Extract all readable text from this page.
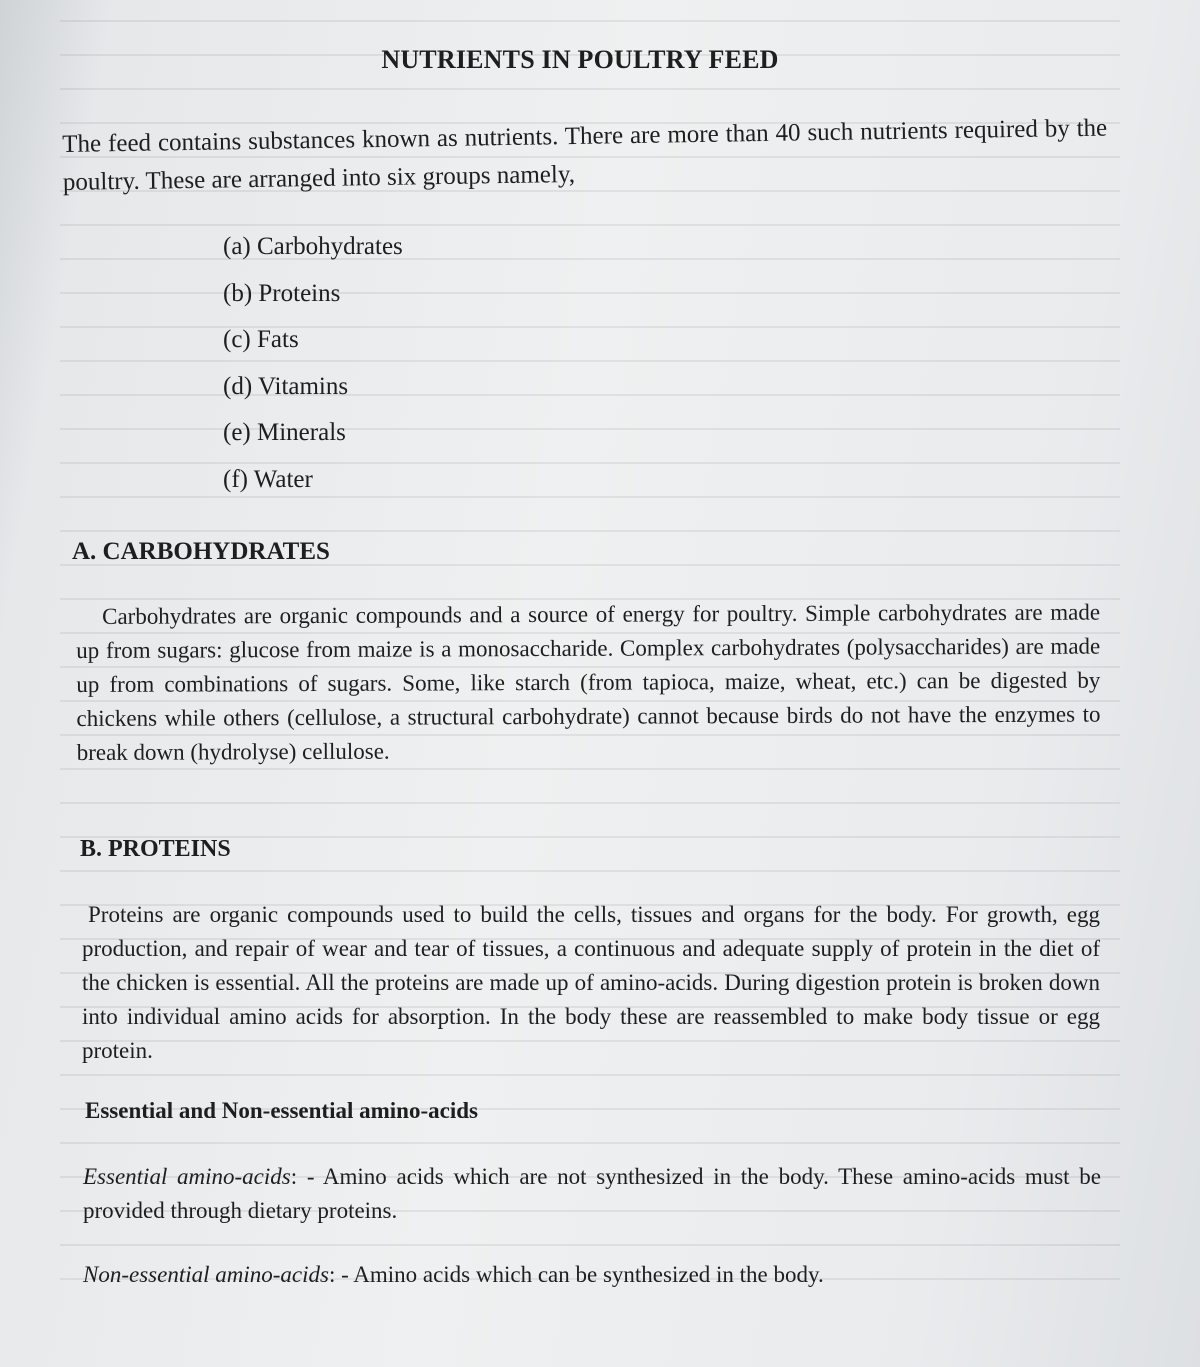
NUTRIENTS IN POULTRY FEED

The feed contains substances known as nutrients. There are more than 40 such nutrients required by the poultry. These are arranged into six groups namely,

(a) Carbohydrates
(b) Proteins
(c) Fats
(d) Vitamins
(e) Minerals
(f) Water
A. CARBOHYDRATES

Carbohydrates are organic compounds and a source of energy for poultry. Simple carbohydrates are made up from sugars: glucose from maize is a monosaccharide. Complex carbohydrates (polysaccharides) are made up from combinations of sugars. Some, like starch (from tapioca, maize, wheat, etc.) can be digested by chickens while others (cellulose, a structural carbohydrate) cannot because birds do not have the enzymes to break down (hydrolyse) cellulose.

B. PROTEINS

Proteins are organic compounds used to build the cells, tissues and organs for the body. For growth, egg production, and repair of wear and tear of tissues, a continuous and adequate supply of protein in the diet of the chicken is essential. All the proteins are made up of amino-acids. During digestion protein is broken down into individual amino acids for absorption. In the body these are reassembled to make body tissue or egg protein.

Essential and Non-essential amino-acids

Essential amino-acids: - Amino acids which are not synthesized in the body. These amino-acids must be provided through dietary proteins.

Non-essential amino-acids: - Amino acids which can be synthesized in the body.
